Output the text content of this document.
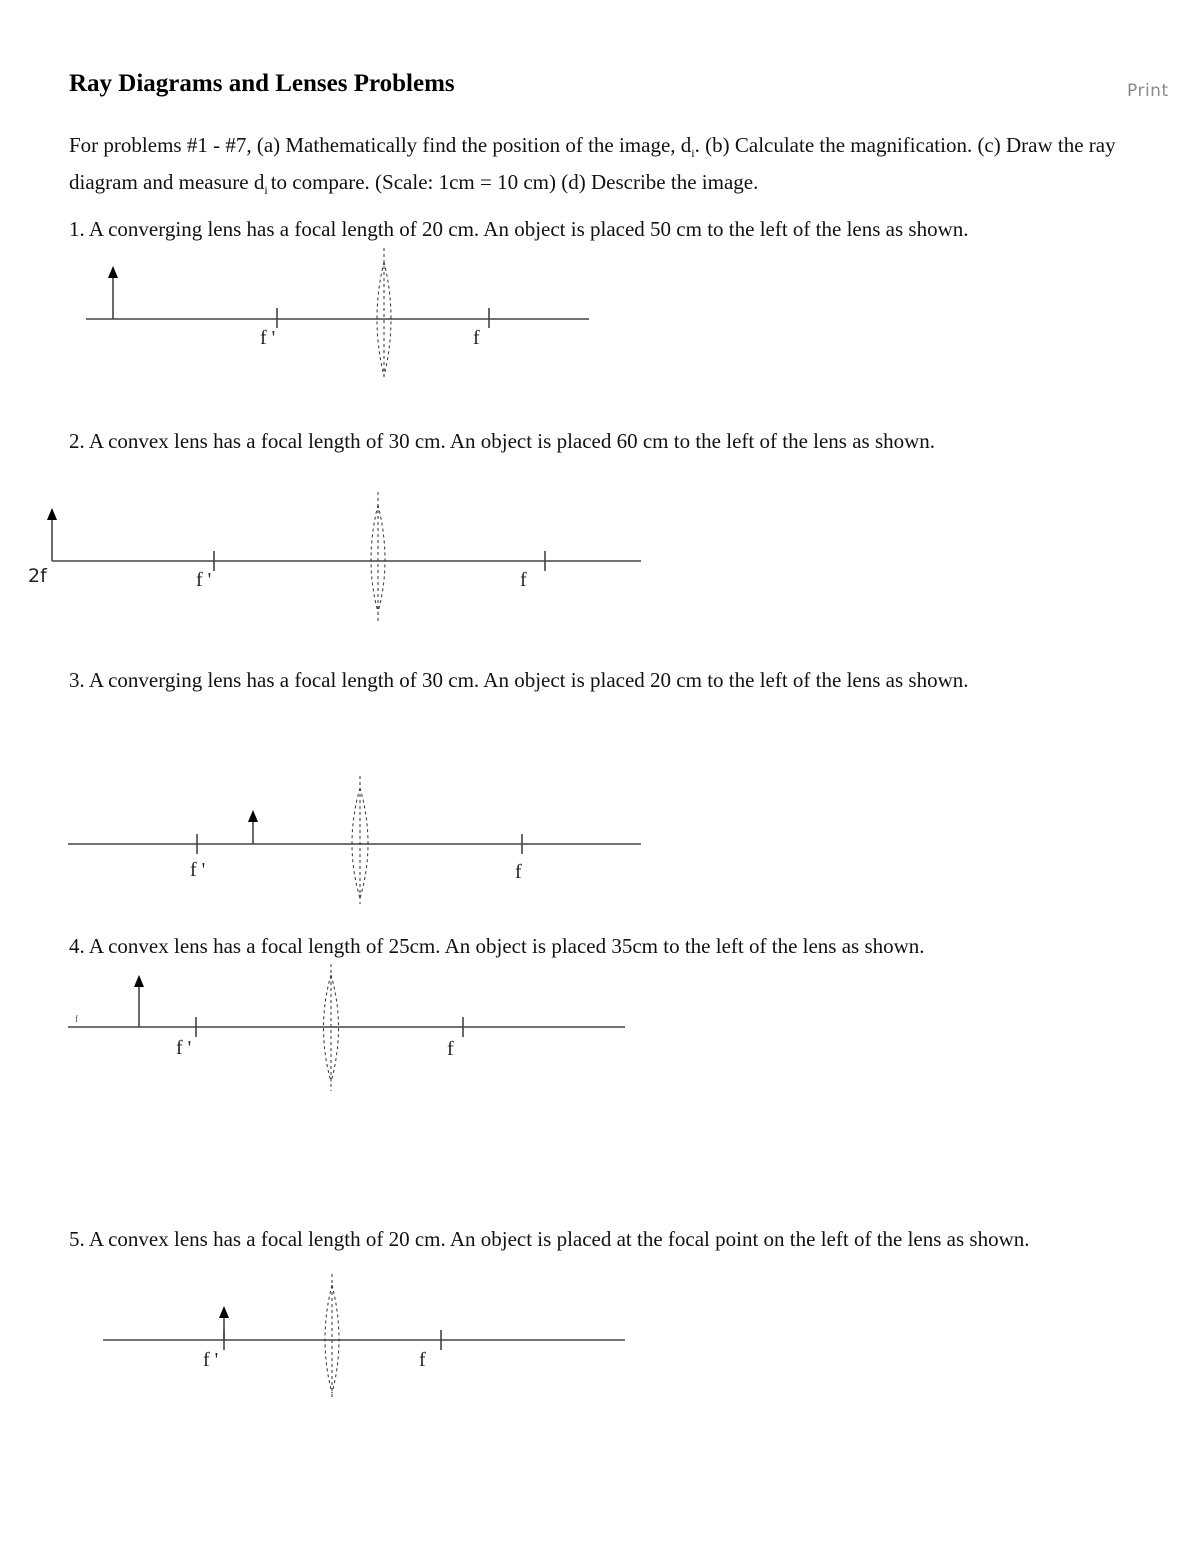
Print
Ray Diagrams and Lenses Problems
For problems #1 - #7, (a) Mathematically find the position of the image, $d_i$. (b) Calculate the magnification. (c) Draw the ray diagram and measure $d_i$ to compare. (Scale: 1cm = 10 cm) (d) Describe the image.
1. A converging lens has a focal length of 20 cm. An object is placed 50 cm to the left of the lens as shown.
2. A convex lens has a focal length of 30 cm. An object is placed 60 cm to the left of the lens as shown.
3. A converging lens has a focal length of 30 cm. An object is placed 20 cm to the left of the lens as shown.
4. A convex lens has a focal length of 25cm. An object is placed 35cm to the left of the lens as shown.
5. A convex lens has a focal length of 20 cm. An object is placed at the focal point on the left of the lens as shown.
f '	f
2f	f '	f
f '	f
f
f '	f
f '	f
